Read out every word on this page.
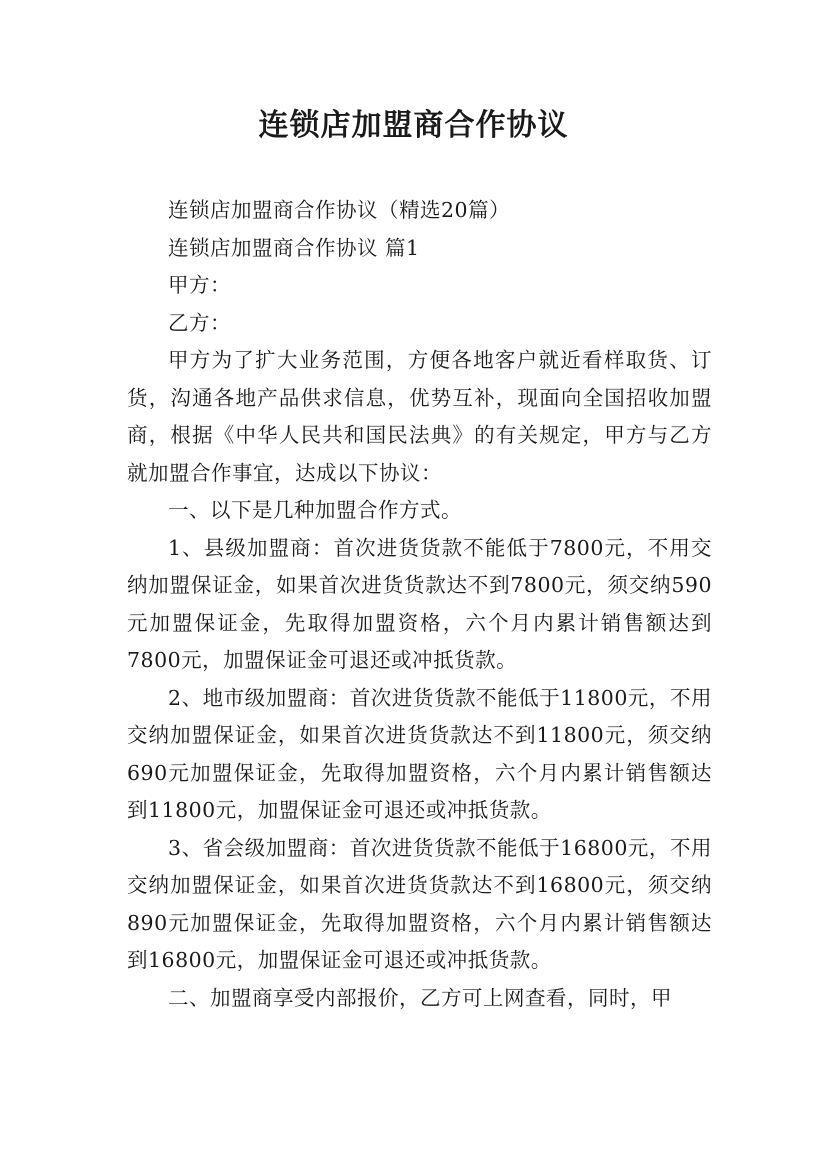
连锁店加盟商合作协议

连锁店加盟商合作协议（精选20篇）

连锁店加盟商合作协议 篇1

甲方：

乙方：

甲方为了扩大业务范围，方便各地客户就近看样取货、订货，沟通各地产品供求信息，优势互补，现面向全国招收加盟商，根据《中华人民共和国民法典》的有关规定，甲方与乙方就加盟合作事宜，达成以下协议：

一、以下是几种加盟合作方式。

1、县级加盟商：首次进货货款不能低于7800元，不用交纳加盟保证金，如果首次进货货款达不到7800元，须交纳590元加盟保证金，先取得加盟资格，六个月内累计销售额达到7800元，加盟保证金可退还或冲抵货款。

2、地市级加盟商：首次进货货款不能低于11800元，不用交纳加盟保证金，如果首次进货货款达不到11800元，须交纳690元加盟保证金，先取得加盟资格，六个月内累计销售额达到11800元，加盟保证金可退还或冲抵货款。

3、省会级加盟商：首次进货货款不能低于16800元，不用交纳加盟保证金，如果首次进货货款达不到16800元，须交纳890元加盟保证金，先取得加盟资格，六个月内累计销售额达到16800元，加盟保证金可退还或冲抵货款。

二、加盟商享受内部报价，乙方可上网查看，同时，甲
